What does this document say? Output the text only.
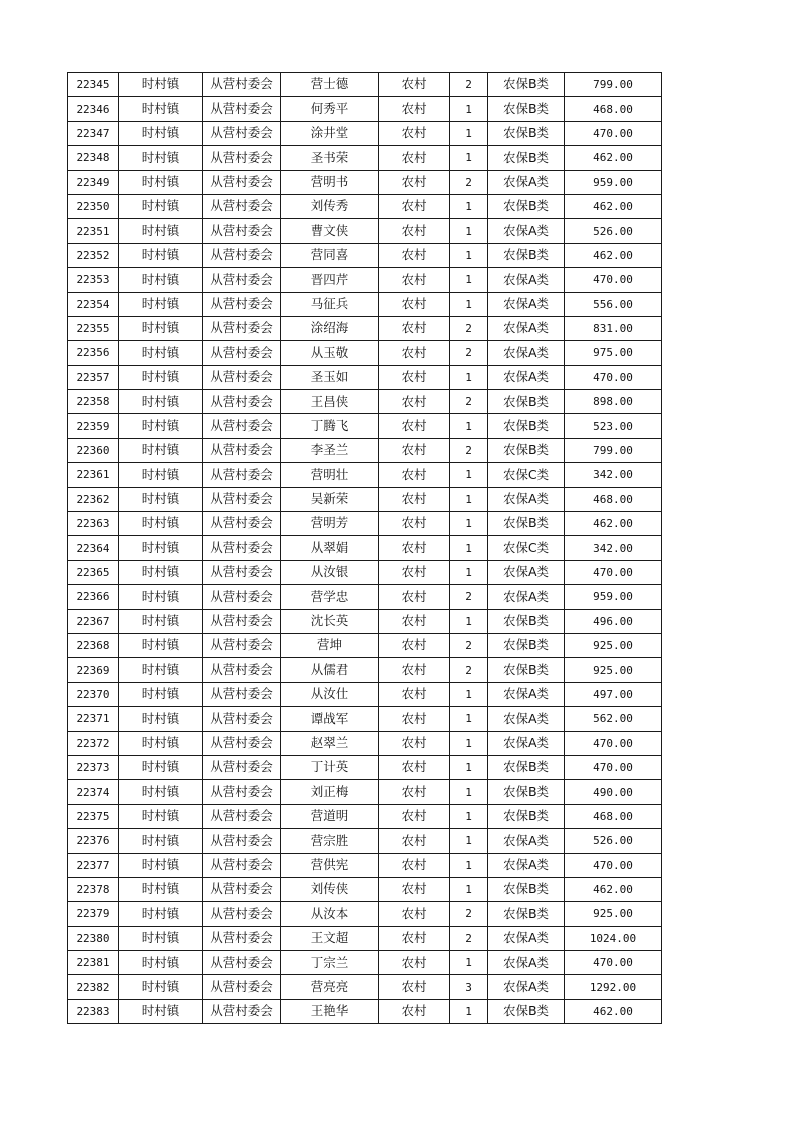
22345	时村镇	从营村委会	营士德	农村	2	农保B类	799.00
22346	时村镇	从营村委会	何秀平	农村	1	农保B类	468.00
22347	时村镇	从营村委会	涂井堂	农村	1	农保B类	470.00
22348	时村镇	从营村委会	圣书荣	农村	1	农保B类	462.00
22349	时村镇	从营村委会	营明书	农村	2	农保A类	959.00
22350	时村镇	从营村委会	刘传秀	农村	1	农保B类	462.00
22351	时村镇	从营村委会	曹文侠	农村	1	农保A类	526.00
22352	时村镇	从营村委会	营同喜	农村	1	农保B类	462.00
22353	时村镇	从营村委会	晋四芹	农村	1	农保A类	470.00
22354	时村镇	从营村委会	马征兵	农村	1	农保A类	556.00
22355	时村镇	从营村委会	涂绍海	农村	2	农保A类	831.00
22356	时村镇	从营村委会	从玉敬	农村	2	农保A类	975.00
22357	时村镇	从营村委会	圣玉如	农村	1	农保A类	470.00
22358	时村镇	从营村委会	王昌侠	农村	2	农保B类	898.00
22359	时村镇	从营村委会	丁腾飞	农村	1	农保B类	523.00
22360	时村镇	从营村委会	李圣兰	农村	2	农保B类	799.00
22361	时村镇	从营村委会	营明壮	农村	1	农保C类	342.00
22362	时村镇	从营村委会	吴新荣	农村	1	农保A类	468.00
22363	时村镇	从营村委会	营明芳	农村	1	农保B类	462.00
22364	时村镇	从营村委会	从翠娟	农村	1	农保C类	342.00
22365	时村镇	从营村委会	从汝银	农村	1	农保A类	470.00
22366	时村镇	从营村委会	营学忠	农村	2	农保A类	959.00
22367	时村镇	从营村委会	沈长英	农村	1	农保B类	496.00
22368	时村镇	从营村委会	营坤	农村	2	农保B类	925.00
22369	时村镇	从营村委会	从儒君	农村	2	农保B类	925.00
22370	时村镇	从营村委会	从汝仕	农村	1	农保A类	497.00
22371	时村镇	从营村委会	谭战军	农村	1	农保A类	562.00
22372	时村镇	从营村委会	赵翠兰	农村	1	农保A类	470.00
22373	时村镇	从营村委会	丁计英	农村	1	农保B类	470.00
22374	时村镇	从营村委会	刘正梅	农村	1	农保B类	490.00
22375	时村镇	从营村委会	营道明	农村	1	农保B类	468.00
22376	时村镇	从营村委会	营宗胜	农村	1	农保A类	526.00
22377	时村镇	从营村委会	营供宪	农村	1	农保A类	470.00
22378	时村镇	从营村委会	刘传侠	农村	1	农保B类	462.00
22379	时村镇	从营村委会	从汝本	农村	2	农保B类	925.00
22380	时村镇	从营村委会	王文超	农村	2	农保A类	1024.00
22381	时村镇	从营村委会	丁宗兰	农村	1	农保A类	470.00
22382	时村镇	从营村委会	营亮亮	农村	3	农保A类	1292.00
22383	时村镇	从营村委会	王艳华	农村	1	农保B类	462.00
